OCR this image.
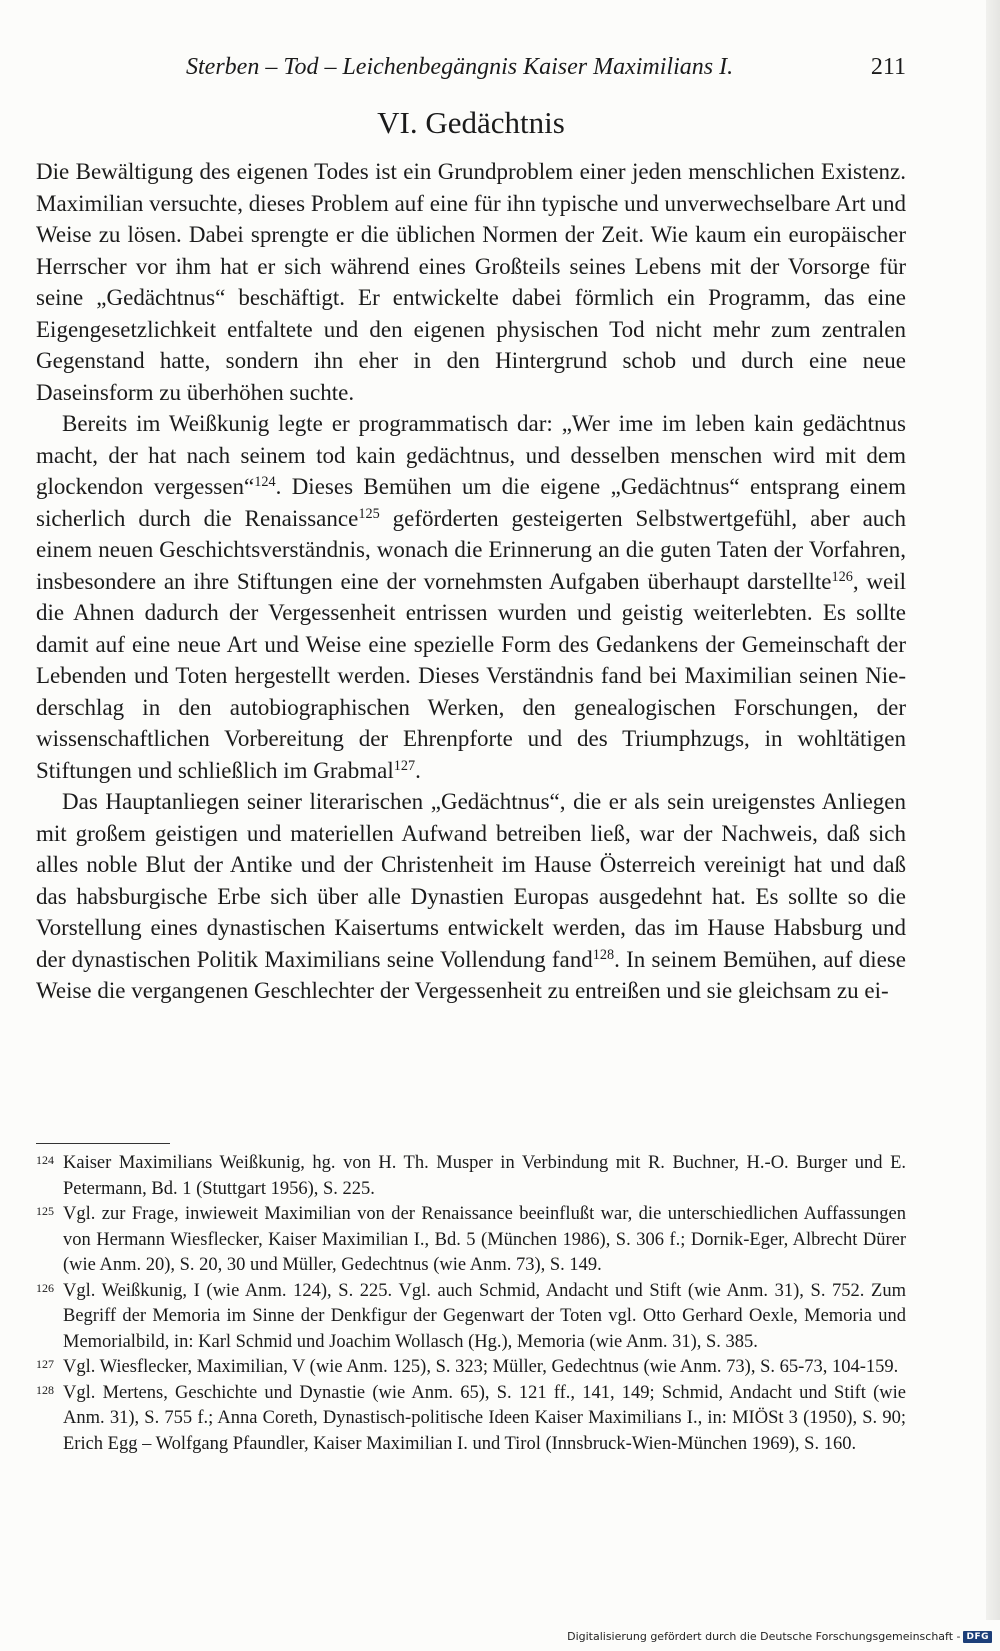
Sterben – Tod – Leichenbegängnis Kaiser Maximilians I.	211
VI. Gedächtnis

Die Bewältigung des eigenen Todes ist ein Grundproblem einer jeden menschlichen Existenz. Maximilian versuchte, dieses Problem auf eine für ihn typische und unverwechselbare Art und Weise zu lösen. Dabei sprengte er die üblichen Normen der Zeit. Wie kaum ein europäischer Herrscher vor ihm hat er sich während eines Großteils seines Lebens mit der Vorsorge für seine „Gedächtnus“ beschäftigt. Er entwickelte dabei förmlich ein Programm, das eine Eigengesetzlichkeit entfaltete und den eigenen physischen Tod nicht mehr zum zentralen Gegenstand hatte, sondern ihn eher in den Hintergrund schob und durch eine neue Daseinsform zu überhöhen suchte.

Bereits im Weißkunig legte er programmatisch dar: „Wer ime im leben kain gedächtnus macht, der hat nach seinem tod kain gedächtnus, und desselben menschen wird mit dem glockendon vergessen“$^{124}$. Dieses Bemühen um die eigene „Gedächtnus“ entsprang einem sicherlich durch die Renaissance$^{125}$ geförderten gesteigerten Selbstwertgefühl, aber auch einem neuen Geschichtsverständnis, wonach die Erinnerung an die guten Taten der Vorfahren, insbesondere an ihre Stiftungen eine der vornehmsten Aufgaben überhaupt darstellte$^{126}$, weil die Ahnen dadurch der Vergessenheit entrissen wurden und geistig weiterlebten. Es sollte damit auf eine neue Art und Weise eine spezielle Form des Gedankens der Gemeinschaft der Lebenden und Toten hergestellt werden. Dieses Verständnis fand bei Maximilian seinen Niederschlag in den autobiographischen Werken, den genealogischen Forschungen, der wissenschaftlichen Vorbereitung der Ehrenpforte und des Triumphzugs, in wohltätigen Stiftungen und schließlich im Grabmal$^{127}$.

Das Hauptanliegen seiner literarischen „Gedächtnus“, die er als sein ureigenstes Anliegen mit großem geistigen und materiellen Aufwand betreiben ließ, war der Nachweis, daß sich alles noble Blut der Antike und der Christenheit im Hause Österreich vereinigt hat und daß das habsburgische Erbe sich über alle Dynastien Europas ausgedehnt hat. Es sollte so die Vorstellung eines dynastischen Kaisertums entwickelt werden, das im Hause Habsburg und der dynastischen Politik Maximilians seine Vollendung fand$^{128}$. In seinem Bemühen, auf diese Weise die vergangenen Geschlechter der Vergessenheit zu entreißen und sie gleichsam zu ei-

124 Kaiser Maximilians Weißkunig, hg. von H. Th. Musper in Verbindung mit R. Buchner, H.-O. Burger und E. Petermann, Bd. 1 (Stuttgart 1956), S. 225.
125 Vgl. zur Frage, inwieweit Maximilian von der Renaissance beeinflußt war, die unterschiedlichen Auffassungen von Hermann Wiesflecker, Kaiser Maximilian I., Bd. 5 (München 1986), S. 306 f.; Dornik-Eger, Albrecht Dürer (wie Anm. 20), S. 20, 30 und Müller, Gedechtnus (wie Anm. 73), S. 149.
126 Vgl. Weißkunig, I (wie Anm. 124), S. 225. Vgl. auch Schmid, Andacht und Stift (wie Anm. 31), S. 752. Zum Begriff der Memoria im Sinne der Denkfigur der Gegenwart der Toten vgl. Otto Gerhard Oexle, Memoria und Memorialbild, in: Karl Schmid und Joachim Wollasch (Hg.), Memoria (wie Anm. 31), S. 385.
127 Vgl. Wiesflecker, Maximilian, V (wie Anm. 125), S. 323; Müller, Gedechtnus (wie Anm. 73), S. 65-73, 104-159.
128 Vgl. Mertens, Geschichte und Dynastie (wie Anm. 65), S. 121 ff., 141, 149; Schmid, Andacht und Stift (wie Anm. 31), S. 755 f.; Anna Coreth, Dynastisch-politische Ideen Kaiser Maximilians I., in: MIÖSt 3 (1950), S. 90; Erich Egg – Wolfgang Pfaundler, Kaiser Maximilian I. und Tirol (Innsbruck-Wien-München 1969), S. 160.
Digitalisierung gefördert durch die Deutsche Forschungsgemeinschaft - DFG
